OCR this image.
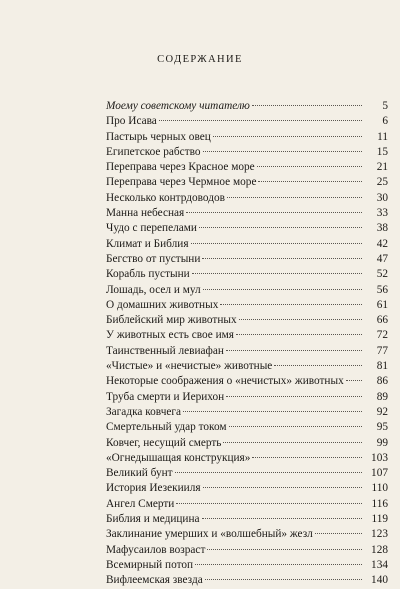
СОДЕРЖАНИЕ
Моему советскому читателю	5
Про Исава	6
Пастырь черных овец	11
Египетское рабство	15
Переправа через Красное море	21
Переправа через Чермное море	25
Несколько контрдоводов	30
Манна небесная	33
Чудо с перепелами	38
Климат и Библия	42
Бегство от пустыни	47
Корабль пустыни	52
Лошадь, осел и мул	56
О домашних животных	61
Библейский мир животных	66
У животных есть свое имя	72
Таинственный левиафан	77
«Чистые» и «нечистые» животные	81
Некоторые соображения о «нечистых» животных	86
Труба смерти и Иерихон	89
Загадка ковчега	92
Смертельный удар током	95
Ковчег, несущий смерть	99
«Огнедышащая конструкция»	103
Великий бунт	107
История Иезекииля	110
Ангел Смерти	116
Библия и медицина	119
Заклинание умерших и «волшебный» жезл	123
Мафусаилов возраст	128
Всемирный потоп	134
Вифлеемская звезда	140
